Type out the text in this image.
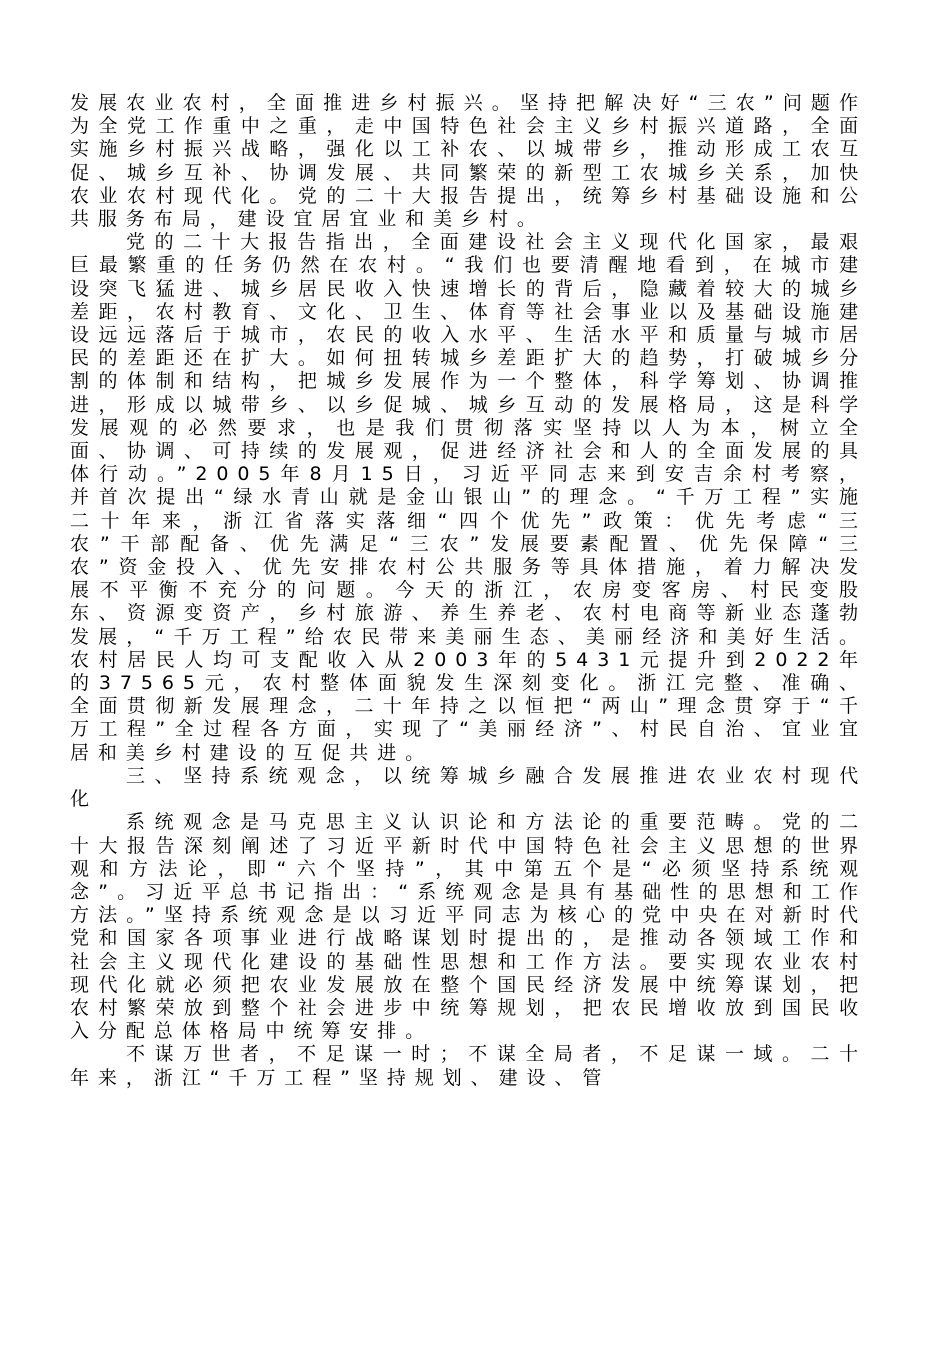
发展农业农村，全面推进乡村振兴。坚持把解决好“三农”问题作为全党工作重中之重，走中国特色社会主义乡村振兴道路，全面实施乡村振兴战略，强化以工补农、以城带乡，推动形成工农互促、城乡互补、协调发展、共同繁荣的新型工农城乡关系，加快农业农村现代化。党的二十大报告提出，统筹乡村基础设施和公共服务布局，建设宜居宜业和美乡村。

党的二十大报告指出，全面建设社会主义现代化国家，最艰巨最繁重的任务仍然在农村。“我们也要清醒地看到，在城市建设突飞猛进、城乡居民收入快速增长的背后，隐藏着较大的城乡差距，农村教育、文化、卫生、体育等社会事业以及基础设施建设远远落后于城市，农民的收入水平、生活水平和质量与城市居民的差距还在扩大。如何扭转城乡差距扩大的趋势，打破城乡分割的体制和结构，把城乡发展作为一个整体，科学筹划、协调推进，形成以城带乡、以乡促城、城乡互动的发展格局，这是科学发展观的必然要求，也是我们贯彻落实坚持以人为本，树立全面、协调、可持续的发展观，促进经济社会和人的全面发展的具体行动。”2005年8月15日，习近平同志来到安吉余村考察，并首次提出“绿水青山就是金山银山”的理念。“千万工程”实施二十年来，浙江省落实落细“四个优先”政策：优先考虑“三农”干部配备、优先满足“三农”发展要素配置、优先保障“三农”资金投入、优先安排农村公共服务等具体措施，着力解决发展不平衡不充分的问题。今天的浙江，农房变客房、村民变股东、资源变资产，乡村旅游、养生养老、农村电商等新业态蓬勃发展，“千万工程”给农民带来美丽生态、美丽经济和美好生活。农村居民人均可支配收入从2003年的5431元提升到2022年的37565元，农村整体面貌发生深刻变化。浙江完整、准确、全面贯彻新发展理念，二十年持之以恒把“两山”理念贯穿于“千万工程”全过程各方面，实现了“美丽经济”、村民自治、宜业宜居和美乡村建设的互促共进。

三、坚持系统观念，以统筹城乡融合发展推进农业农村现代化

系统观念是马克思主义认识论和方法论的重要范畴。党的二十大报告深刻阐述了习近平新时代中国特色社会主义思想的世界观和方法论，即“六个坚持”，其中第五个是“必须坚持系统观念”。习近平总书记指出：“系统观念是具有基础性的思想和工作方法。”坚持系统观念是以习近平同志为核心的党中央在对新时代党和国家各项事业进行战略谋划时提出的，是推动各领域工作和社会主义现代化建设的基础性思想和工作方法。要实现农业农村现代化就必须把农业发展放在整个国民经济发展中统筹谋划，把农村繁荣放到整个社会进步中统筹规划，把农民增收放到国民收入分配总体格局中统筹安排。

不谋万世者，不足谋一时；不谋全局者，不足谋一域。二十年来，浙江“千万工程”坚持规划、建设、管
